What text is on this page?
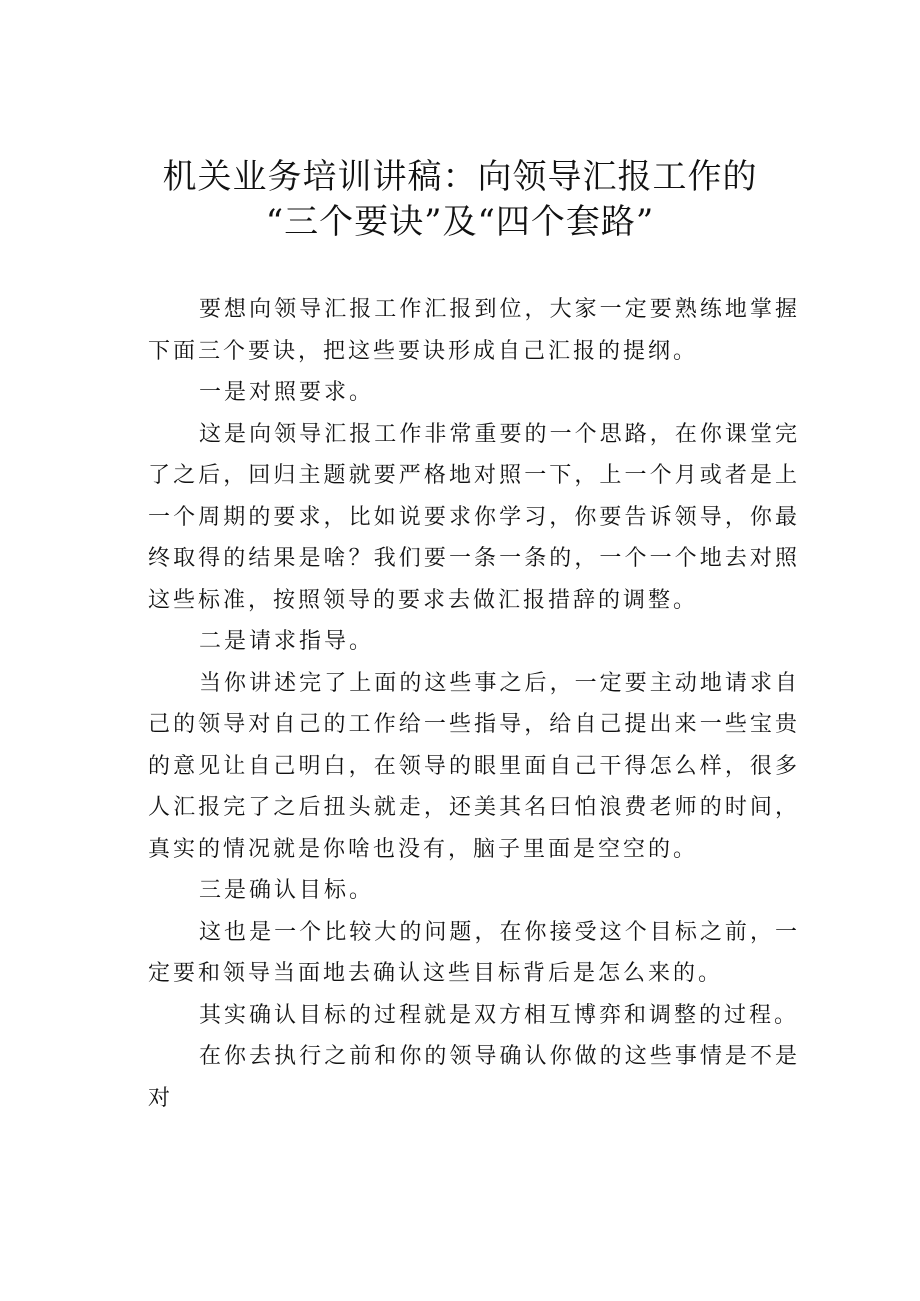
机关业务培训讲稿：向领导汇报工作的
“三个要诀”及“四个套路”

要想向领导汇报工作汇报到位，大家一定要熟练地掌握下面三个要诀，把这些要诀形成自己汇报的提纲。

一是对照要求。

这是向领导汇报工作非常重要的一个思路，在你课堂完了之后，回归主题就要严格地对照一下，上一个月或者是上一个周期的要求，比如说要求你学习，你要告诉领导，你最终取得的结果是啥？我们要一条一条的，一个一个地去对照这些标准，按照领导的要求去做汇报措辞的调整。

二是请求指导。

当你讲述完了上面的这些事之后，一定要主动地请求自己的领导对自己的工作给一些指导，给自己提出来一些宝贵的意见让自己明白，在领导的眼里面自己干得怎么样，很多人汇报完了之后扭头就走，还美其名曰怕浪费老师的时间，真实的情况就是你啥也没有，脑子里面是空空的。

三是确认目标。

这也是一个比较大的问题，在你接受这个目标之前，一定要和领导当面地去确认这些目标背后是怎么来的。

其实确认目标的过程就是双方相互博弈和调整的过程。

在你去执行之前和你的领导确认你做的这些事情是不是对
